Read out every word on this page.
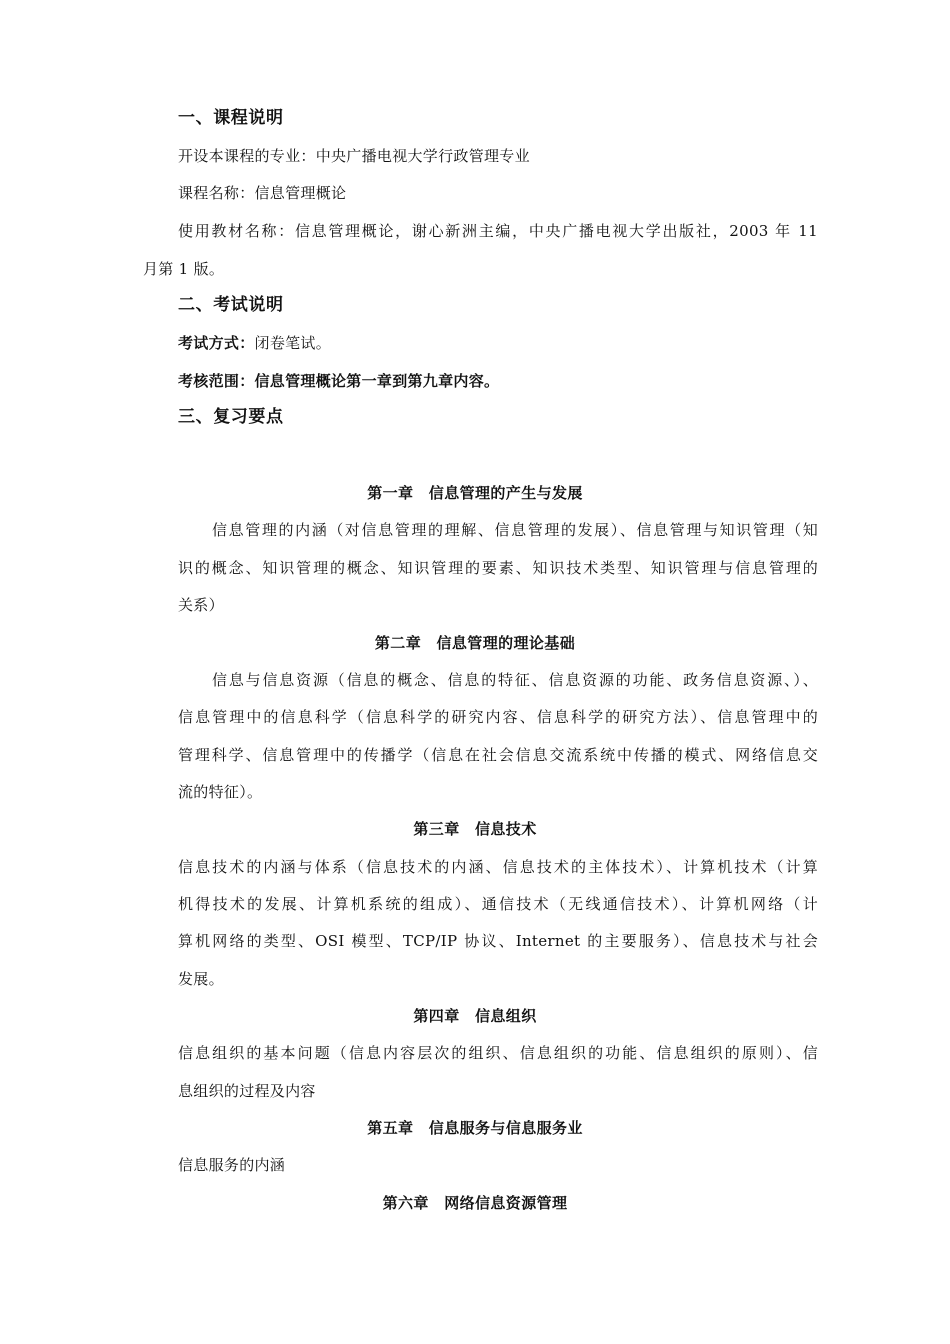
一、课程说明

开设本课程的专业：中央广播电视大学行政管理专业

课程名称：信息管理概论

使用教材名称：信息管理概论，谢心新洲主编，中央广播电视大学出版社，2003 年 11

月第 1 版。

二、考试说明

考试方式：闭卷笔试。

考核范围：信息管理概论第一章到第九章内容。

三、复习要点

第一章　信息管理的产生与发展

信息管理的内涵（对信息管理的理解、信息管理的发展）、信息管理与知识管理（知

识的概念、知识管理的概念、知识管理的要素、知识技术类型、知识管理与信息管理的

关系）

第二章　信息管理的理论基础

信息与信息资源（信息的概念、信息的特征、信息资源的功能、政务信息资源、）、

信息管理中的信息科学（信息科学的研究内容、信息科学的研究方法）、信息管理中的

管理科学、信息管理中的传播学（信息在社会信息交流系统中传播的模式、网络信息交

流的特征）。

第三章　信息技术

信息技术的内涵与体系（信息技术的内涵、信息技术的主体技术）、计算机技术（计算

机得技术的发展、计算机系统的组成）、通信技术（无线通信技术）、计算机网络（计

算机网络的类型、OSI 模型、TCP/IP 协议、Internet 的主要服务）、信息技术与社会

发展。

第四章　信息组织

信息组织的基本问题（信息内容层次的组织、信息组织的功能、信息组织的原则）、信

息组织的过程及内容

第五章　信息服务与信息服务业

信息服务的内涵

第六章　网络信息资源管理
